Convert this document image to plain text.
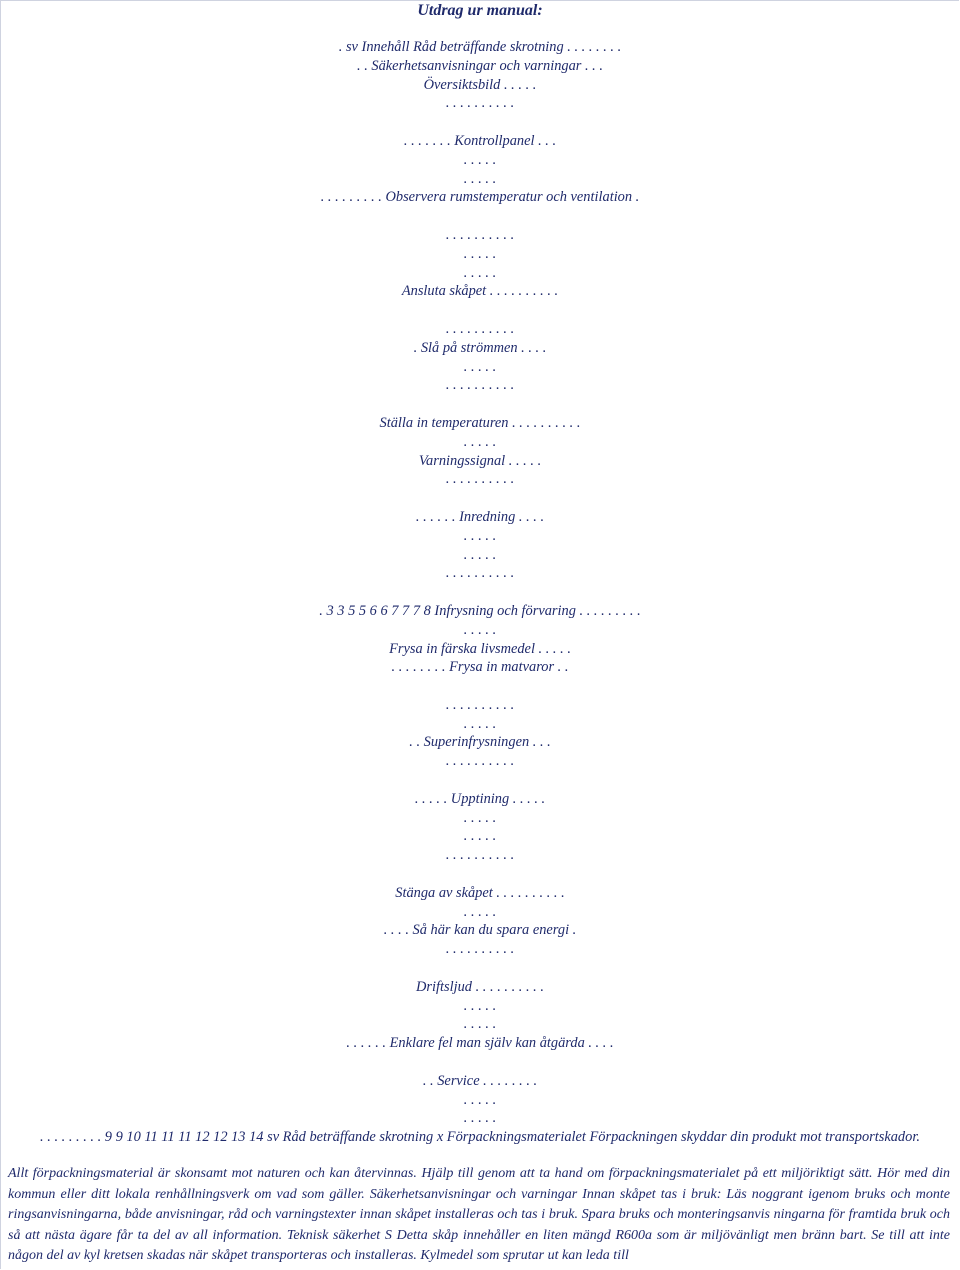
Utdrag ur manual:
. sv Innehåll Råd beträffande skrotning . . . . . . . .
. . Säkerhetsanvisningar och varningar . . .
Översiktsbild . . . . .
. . . . . . . . . .
. . . . . . . Kontrollpanel . . .
. . . . .
. . . . .
. . . . . . . . . Observera rumstemperatur och ventilation .
. . . . . . . . . .
. . . . .
. . . . .
Ansluta skåpet . . . . . . . . . .
. . . . . . . . . .
. Slå på strömmen . . . .
. . . . .
. . . . . . . . . .
Ställa in temperaturen . . . . . . . . . .
. . . . .
Varningssignal . . . . .
. . . . . . . . . .
. . . . . . Inredning . . . .
. . . . .
. . . . .
. . . . . . . . . .
. 3 3 5 5 6 6 7 7 7 8 Infrysning och förvaring . . . . . . . . .
. . . . .
Frysa in färska livsmedel . . . . .
. . . . . . . . Frysa in matvaror . .
. . . . . . . . . .
. . . . .
. . Superinfrysningen . . .
. . . . . . . . . .
. . . . . Upptining . . . . .
. . . . .
. . . . .
. . . . . . . . . .
Stänga av skåpet . . . . . . . . . .
. . . . .
. . . . Så här kan du spara energi .
. . . . . . . . . .
Driftsljud . . . . . . . . . .
. . . . .
. . . . .
. . . . . . Enklare fel man själv kan åtgärda . . . .
. . Service . . . . . . . .
. . . . .
. . . . .
. . . . . . . . . 9 9 10 11 11 11 12 12 13 14 sv Råd beträffande skrotning x Förpackningsmaterialet Förpackningen skyddar din produkt mot transportskador.
Allt förpackningsmaterial är skonsamt mot naturen och kan återvinnas. Hjälp till genom att ta hand om förpackningsmaterialet på ett miljöriktigt sätt. Hör med din kommun eller ditt lokala renhållningsverk om vad som gäller. Säkerhetsanvisningar och varningar Innan skåpet tas i bruk: Läs noggrant igenom bruks och monte ringsanvisningarna, både anvisningar, råd och varningstexter innan skåpet installeras och tas i bruk. Spara bruks och monteringsanvis ningarna för framtida bruk och så att nästa ägare får ta del av all information. Teknisk säkerhet S Detta skåp innehåller en liten mängd R600a som är miljövänligt men bränn bart. Se till att inte någon del av kyl kretsen skadas när skåpet transporteras och installeras. Kylmedel som sprutar ut kan leda till
